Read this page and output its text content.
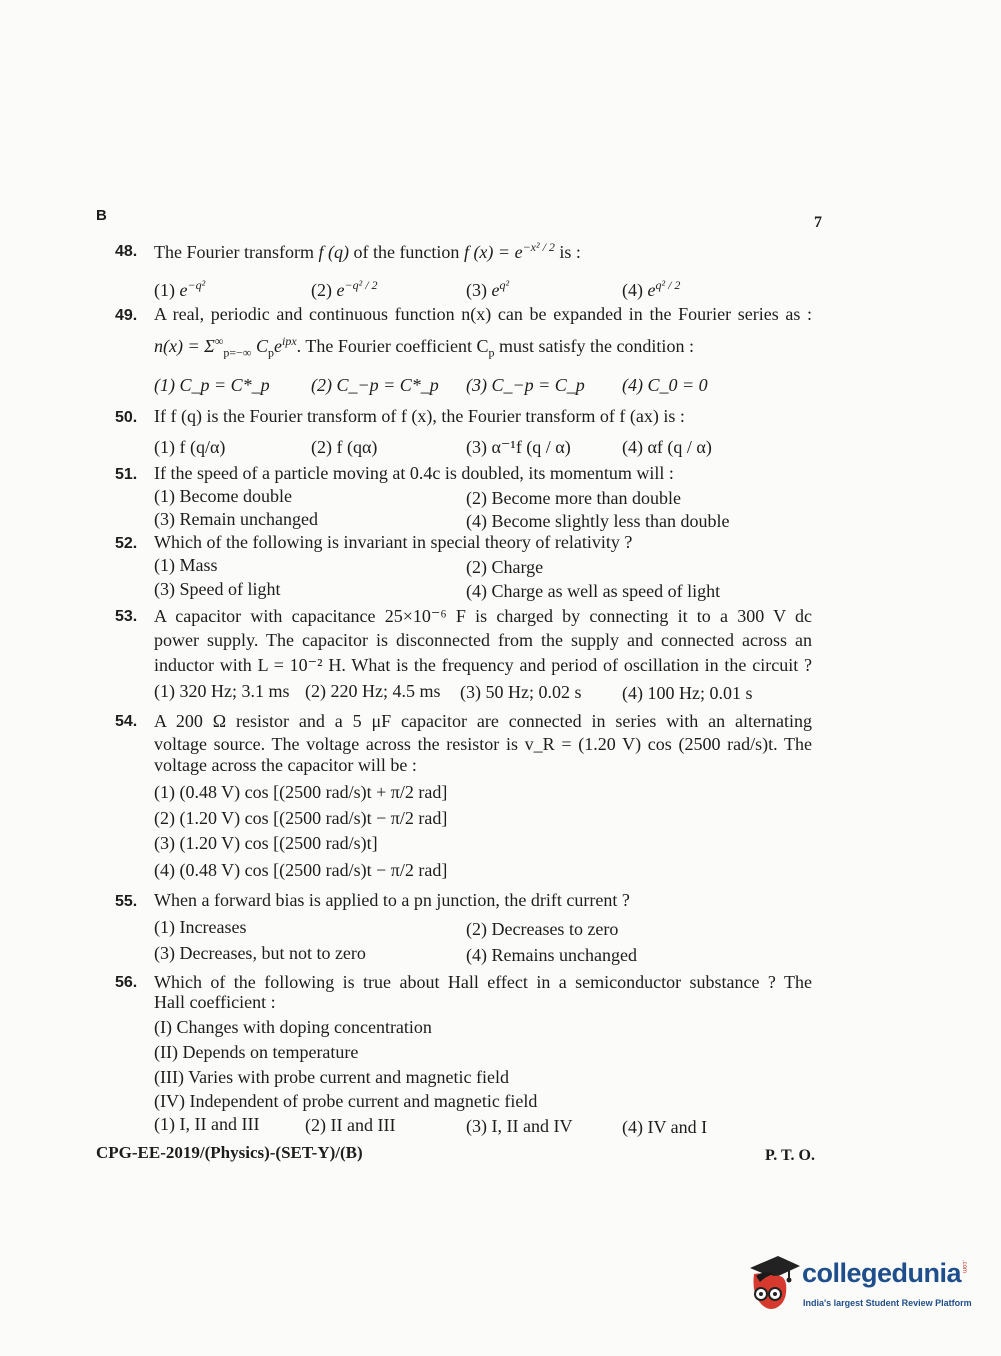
B	7
48. The Fourier transform f (q) of the function f $(x) = e^{-x^2 / 2}$ is :
(1) $e^{-q^2}$	(2) $e^{-q^2 / 2}$	(3) $e^{q^2}$	(4) $e^{q^2 / 2}$
49. A real, periodic and continuous function n(x) can be expanded in the Fourier series as :
$n(x) = \Sigma^\infty_{p=-\infty}$ $C_pe^{ipx}$. The Fourier coefficient $C_p$ must satisfy the condition :
(1) C_p = C*_p (2) C_−p = C*_p (3) C_−p = C_p (4) C_0 = 0
50. If f (q) is the Fourier transform of f (x), the Fourier transform of f (ax) is :
(1) f (q/α)	(2) f (qα)	(3) α⁻¹f (q / α)	(4) αf (q / α)
51. If the speed of a particle moving at 0.4c is doubled, its momentum will :
(1) Become double	(2) Become more than double
(3) Remain unchanged	(4) Become slightly less than double
52. Which of the following is invariant in special theory of relativity ?
(1) Mass	(2) Charge
(3) Speed of light	(4) Charge as well as speed of light
53. A capacitor with capacitance 25×10⁻⁶ F is charged by connecting it to a 300 V dc
power supply. The capacitor is disconnected from the supply and connected across an
inductor with L = 10⁻² H. What is the frequency and period of oscillation in the circuit ?
(1) 320 Hz; 3.1 ms (2) 220 Hz; 4.5 ms (3) 50 Hz; 0.02 s (4) 100 Hz; 0.01 s
54. A 200 Ω resistor and a 5 μF capacitor are connected in series with an alternating
voltage source. The voltage across the resistor is v_R = (1.20 V) cos (2500 rad/s)t. The
voltage across the capacitor will be :
(1) (0.48 V) cos [(2500 rad/s)t + π/2 rad]
(2) (1.20 V) cos [(2500 rad/s)t − π/2 rad]
(3) (1.20 V) cos [(2500 rad/s)t]
(4) (0.48 V) cos [(2500 rad/s)t − π/2 rad]
55. When a forward bias is applied to a pn junction, the drift current ?
(1) Increases	(2) Decreases to zero
(3) Decreases, but not to zero	(4) Remains unchanged
56. Which of the following is true about Hall effect in a semiconductor substance ? The
Hall coefficient :
(I) Changes with doping concentration
(II) Depends on temperature
(III) Varies with probe current and magnetic field
(IV) Independent of probe current and magnetic field
(1) I, II and III	(2) II and III	(3) I, II and IV	(4) IV and I
CPG-EE-2019/(Physics)-(SET-Y)/(B)	P. T. O.
collegedunia .com
India's largest Student Review Platform
